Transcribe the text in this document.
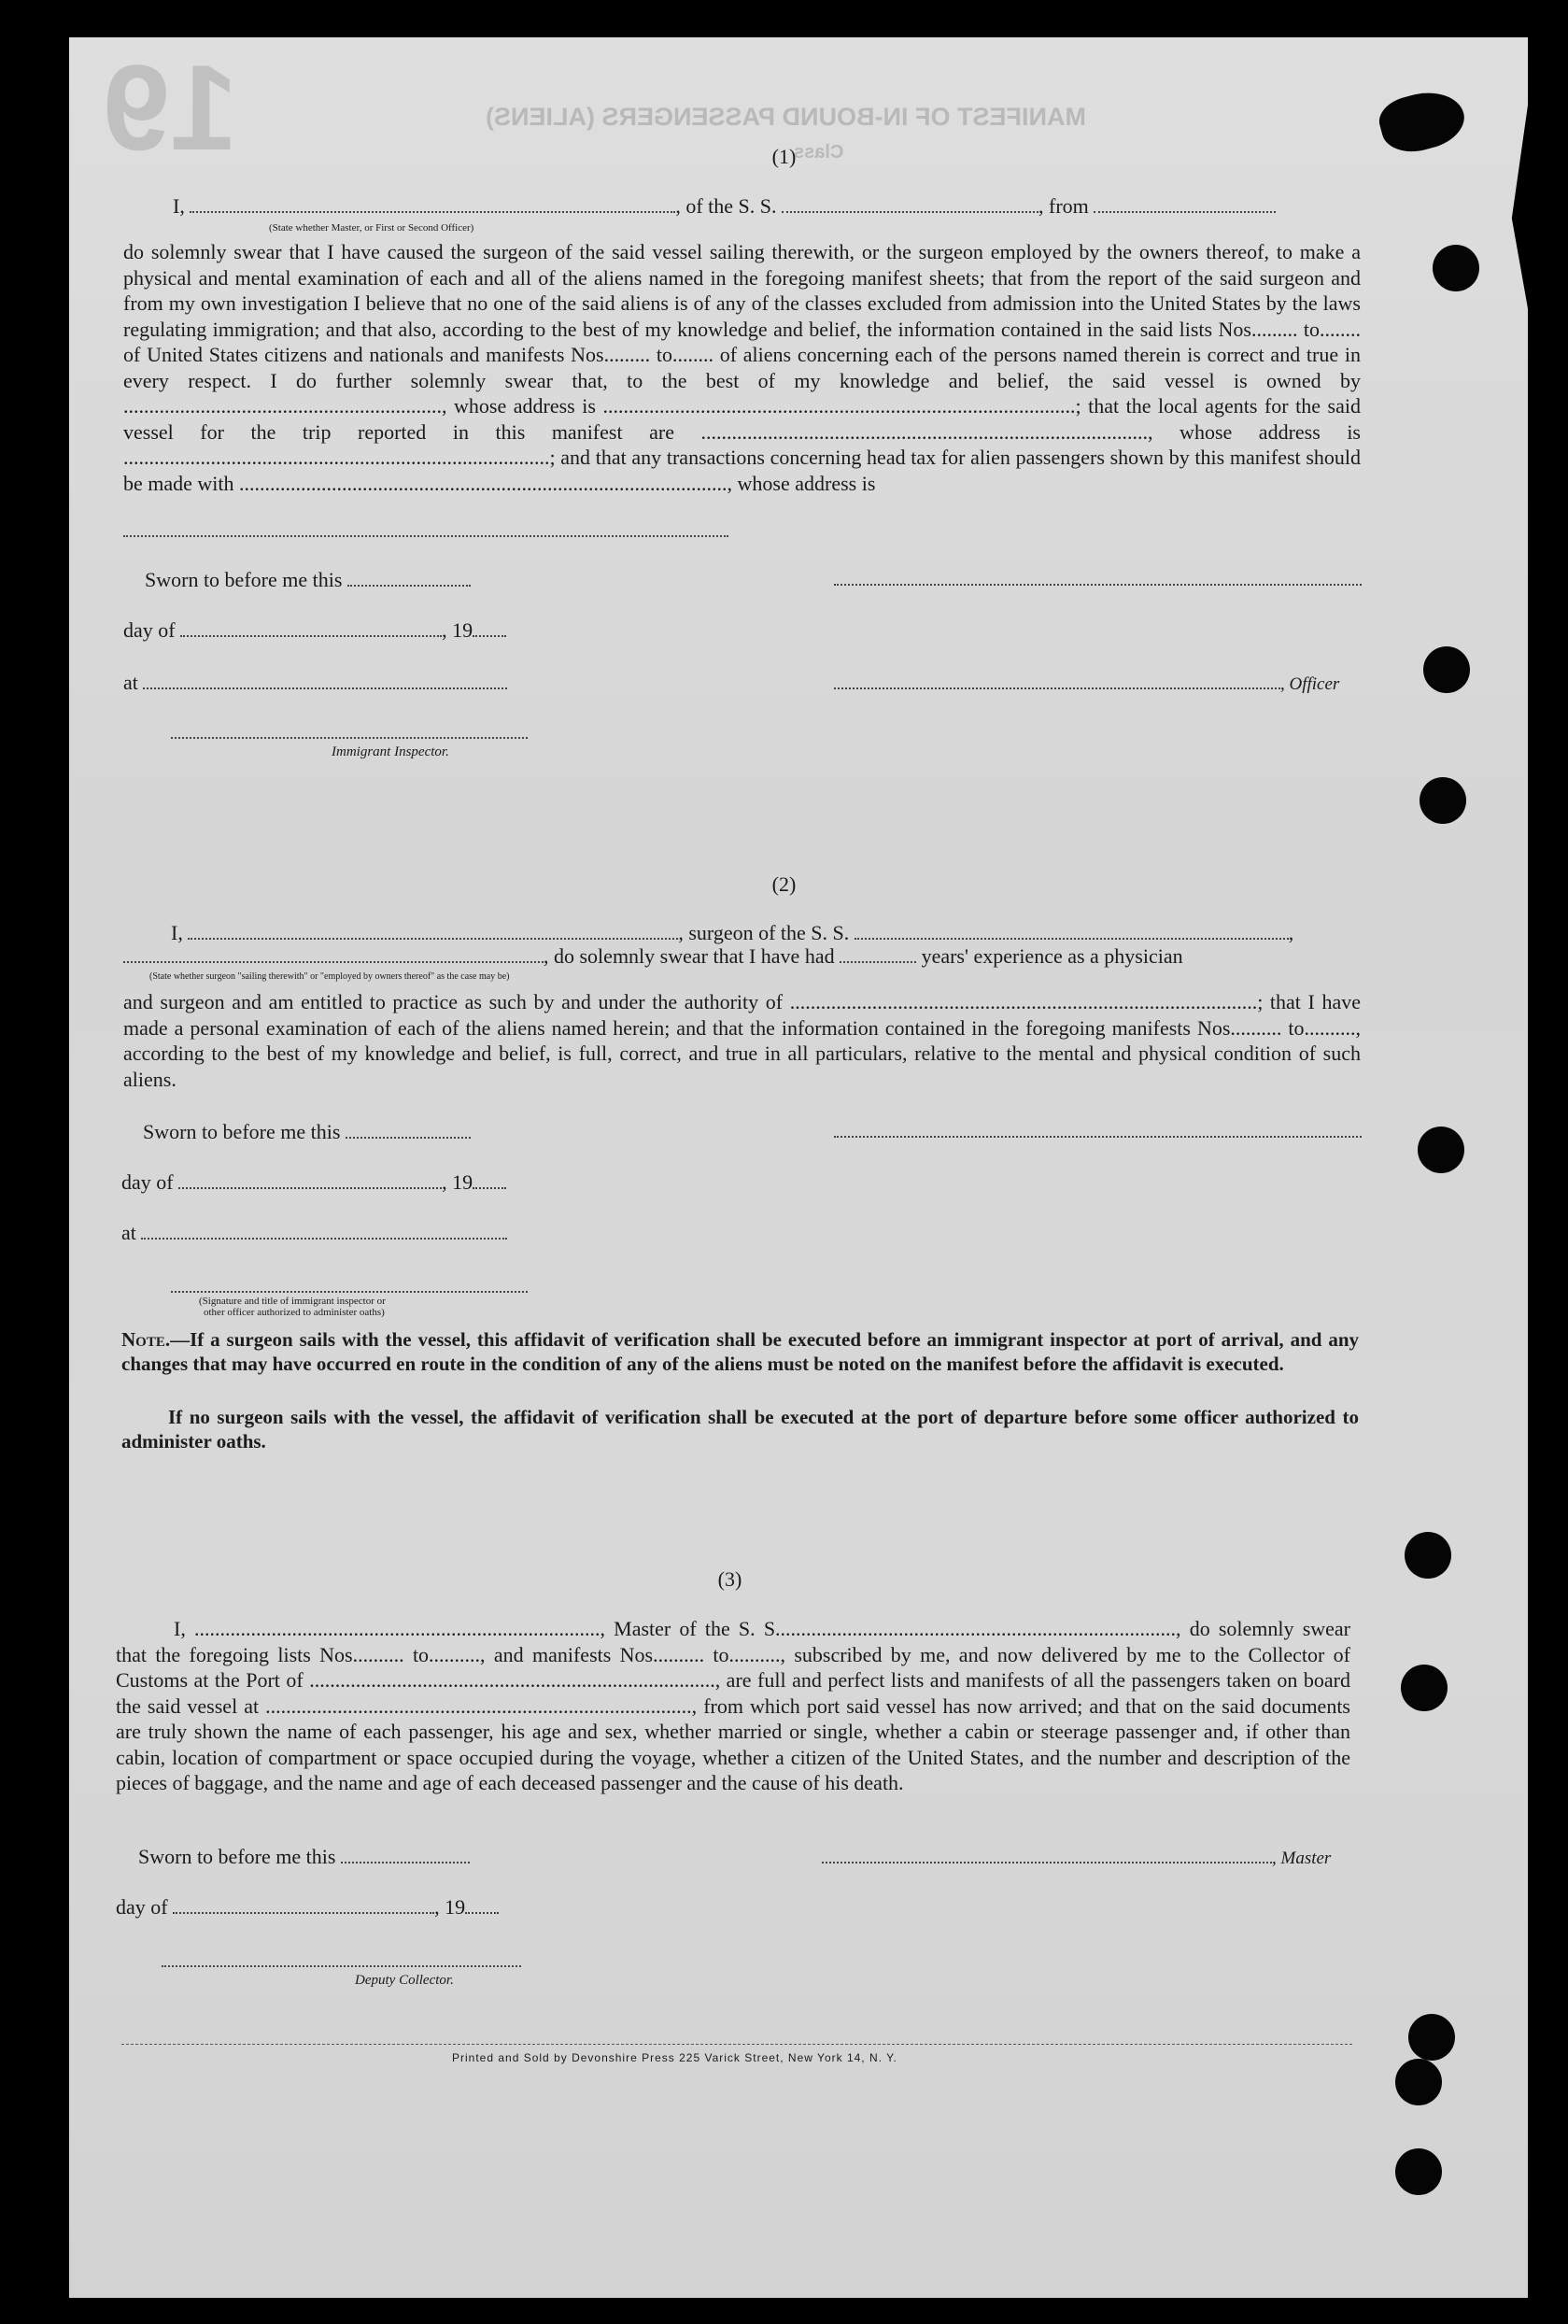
MANIFEST OF IN-BOUND PASSENGERS (ALIENS)
Class
(1)
I,	, of the S. S.	, from
(State whether Master, or First or Second Officer)
do solemnly swear that I have caused the surgeon of the said vessel sailing therewith, or the surgeon employed by the owners thereof, to make a physical and mental examination of each and all of the aliens named in the foregoing manifest sheets; that from the report of the said surgeon and from my own investigation I believe that no one of the said aliens is of any of the classes excluded from admission into the United States by the laws regulating immigration; and that also, according to the best of my knowledge and belief, the information contained in the said lists Nos......... to........ of United States citizens and nationals and manifests Nos......... to........ of aliens concerning each of the persons named therein is correct and true in every respect. I do further solemnly swear that, to the best of my knowledge and belief, the said vessel is owned by .............................................................., whose address is ............................................................................................; that the local agents for the said vessel for the trip reported in this manifest are ......................................................................................., whose address is ...................................................................................; and that any transactions concerning head tax for alien passengers shown by this manifest should be made with ..............................................................................................., whose address is
Sworn to before me this
day of	, 19
at	, Officer
Immigrant Inspector.
(2)
I,	, surgeon of the S. S.	,
, do solemnly swear that I have had	years' experience as a physician
(State whether surgeon "sailing therewith" or "employed by owners thereof" as the case may be)
and surgeon and am entitled to practice as such by and under the authority of ...........................................................................................; that I have made a personal examination of each of the aliens named herein; and that the information contained in the foregoing manifests Nos.......... to.........., according to the best of my knowledge and belief, is full, correct, and true in all particulars, relative to the mental and physical condition of such aliens.
Sworn to before me this
day of	, 19
at
(Signature and title of immigrant inspector or
other officer authorized to administer oaths)
Note.—If a surgeon sails with the vessel, this affidavit of verification shall be executed before an immigrant inspector at port of arrival, and any changes that may have occurred en route in the condition of any of the aliens must be noted on the manifest before the affidavit is executed.
If no surgeon sails with the vessel, the affidavit of verification shall be executed at the port of departure before some officer authorized to administer oaths.
(3)
I, ..............................................................................., Master of the S. S.............................................................................., do solemnly swear that the foregoing lists Nos.......... to.........., and manifests Nos.......... to.........., subscribed by me, and now delivered by me to the Collector of Customs at the Port of ..............................................................................., are full and perfect lists and manifests of all the passengers taken on board the said vessel at ..................................................................................., from which port said vessel has now arrived; and that on the said documents are truly shown the name of each passenger, his age and sex, whether married or single, whether a cabin or steerage passenger and, if other than cabin, location of compartment or space occupied during the voyage, whether a citizen of the United States, and the number and description of the pieces of baggage, and the name and age of each deceased passenger and the cause of his death.
Sworn to before me this	, Master
day of	, 19
Deputy Collector.
Printed and Sold by Devonshire Press 225 Varick Street, New York 14, N. Y.
